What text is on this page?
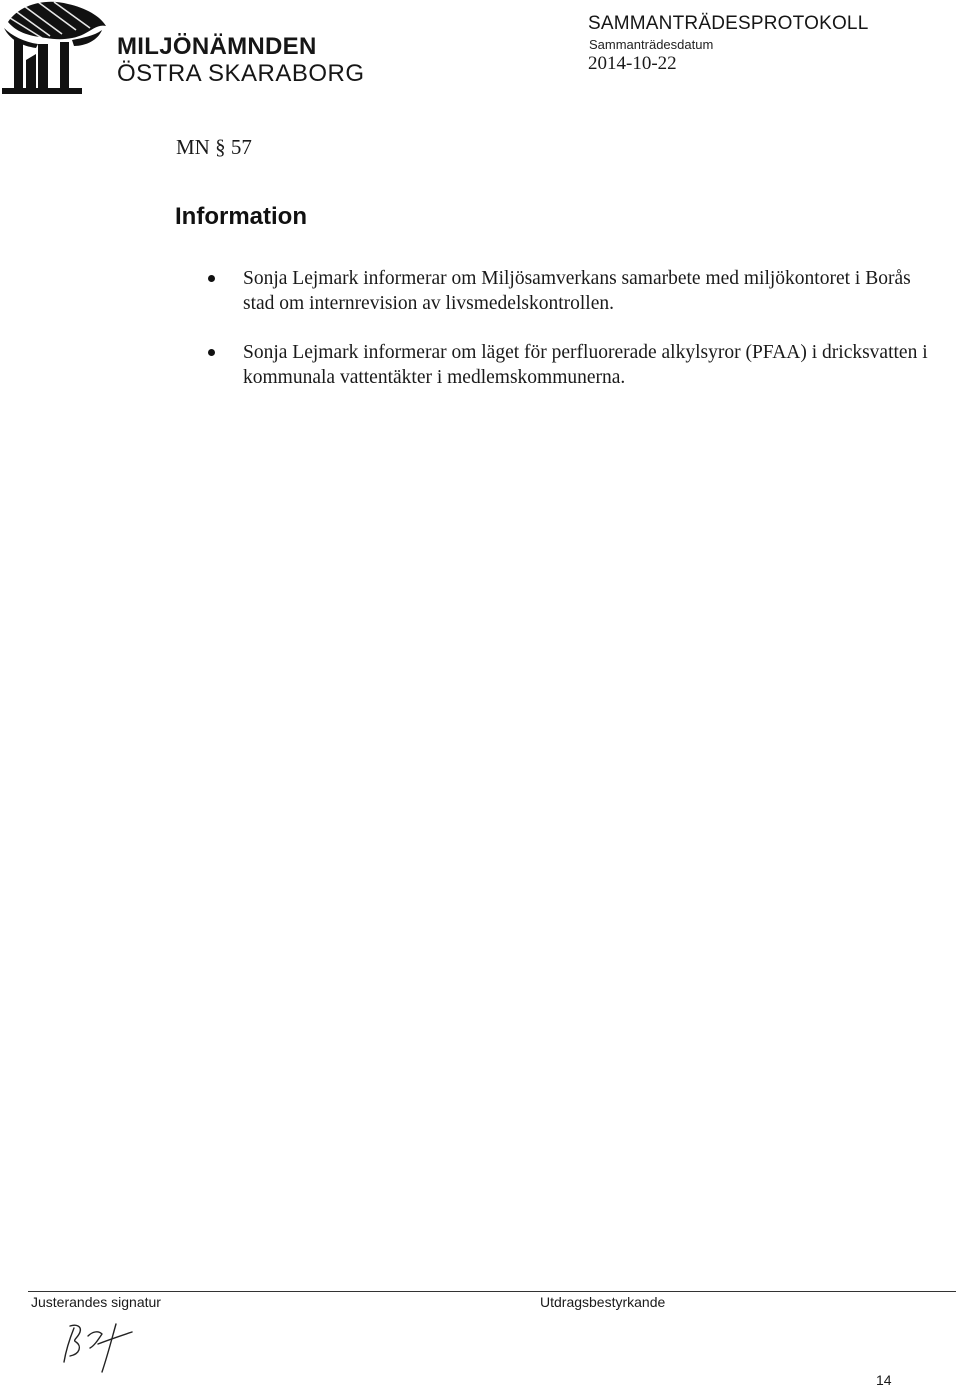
MILJÖNÄMNDEN
ÖSTRA SKARABORG
SAMMANTRÄDESPROTOKOLL
Sammanträdesdatum
2014-10-22
MN § 57
Information
Sonja Lejmark informerar om Miljösamverkans samarbete med miljökontoret i Borås stad om internrevision av livsmedelskontrollen.
Sonja Lejmark informerar om läget för perfluorerade alkylsyror (PFAA) i dricksvatten i kommunala vattentäkter i medlemskommunerna.
Justerandes signatur	Utdragsbestyrkande
14
